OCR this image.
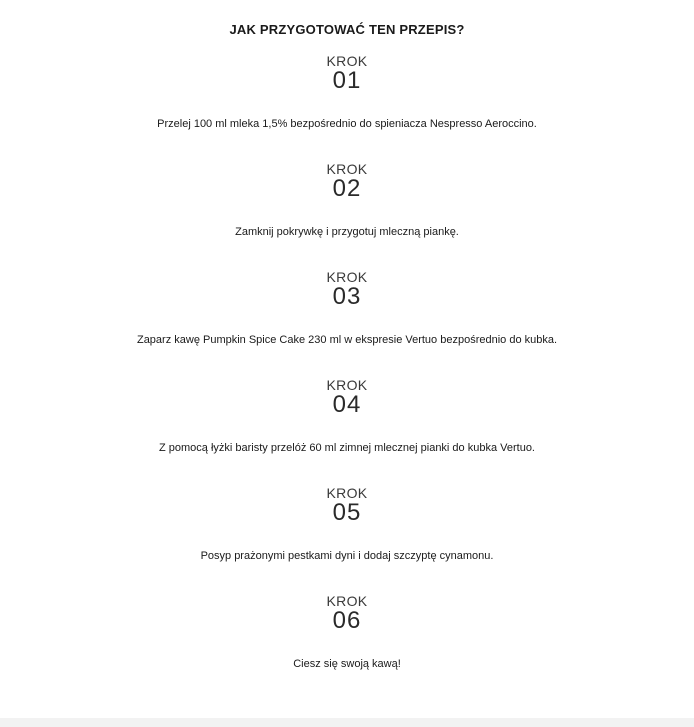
JAK PRZYGOTOWAĆ TEN PRZEPIS?
KROK
01
Przelej 100 ml mleka 1,5% bezpośrednio do spieniacza Nespresso Aeroccino.
KROK
02
Zamknij pokrywkę i przygotuj mleczną piankę.
KROK
03
Zaparz kawę Pumpkin Spice Cake 230 ml w ekspresie Vertuo bezpośrednio do kubka.
KROK
04
Z pomocą łyżki baristy przelóż 60 ml zimnej mlecznej pianki do kubka Vertuo.
KROK
05
Posyp prażonymi pestkami dyni i dodaj szczyptę cynamonu.
KROK
06
Ciesz się swoją kawą!
